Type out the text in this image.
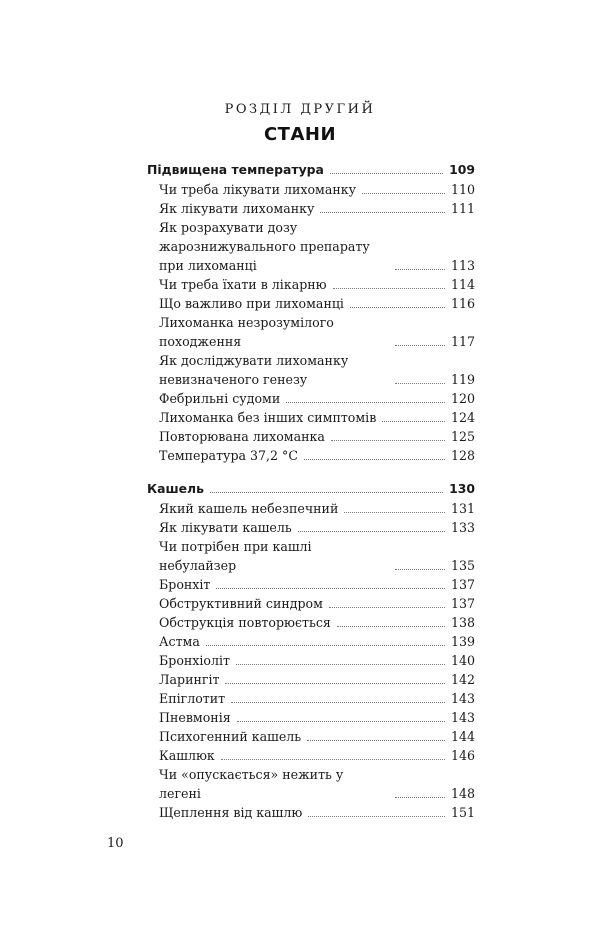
РОЗДІЛ ДРУГИЙ
СТАНИ
Підвищена температура	109
Чи треба лікувати лихоманку	110
Як лікувати лихоманку	111
Як розрахувати дозу жарознижувального препарату при лихоманці	113
Чи треба їхати в лікарню	114
Що важливо при лихоманці	116
Лихоманка незрозумілого походження	117
Як досліджувати лихоманку невизначеного генезу	119
Фебрильні судоми	120
Лихоманка без інших симптомів	124
Повторювана лихоманка	125
Температура 37,2 °С	128
Кашель	130
Який кашель небезпечний	131
Як лікувати кашель	133
Чи потрібен при кашлі небулайзер	135
Бронхіт	137
Обструктивний синдром	137
Обструкція повторюється	138
Астма	139
Бронхіоліт	140
Ларингіт	142
Епіглотит	143
Пневмонія	143
Психогенний кашель	144
Кашлюк	146
Чи «опускається» нежить у легені	148
Щеплення від кашлю	151
10
